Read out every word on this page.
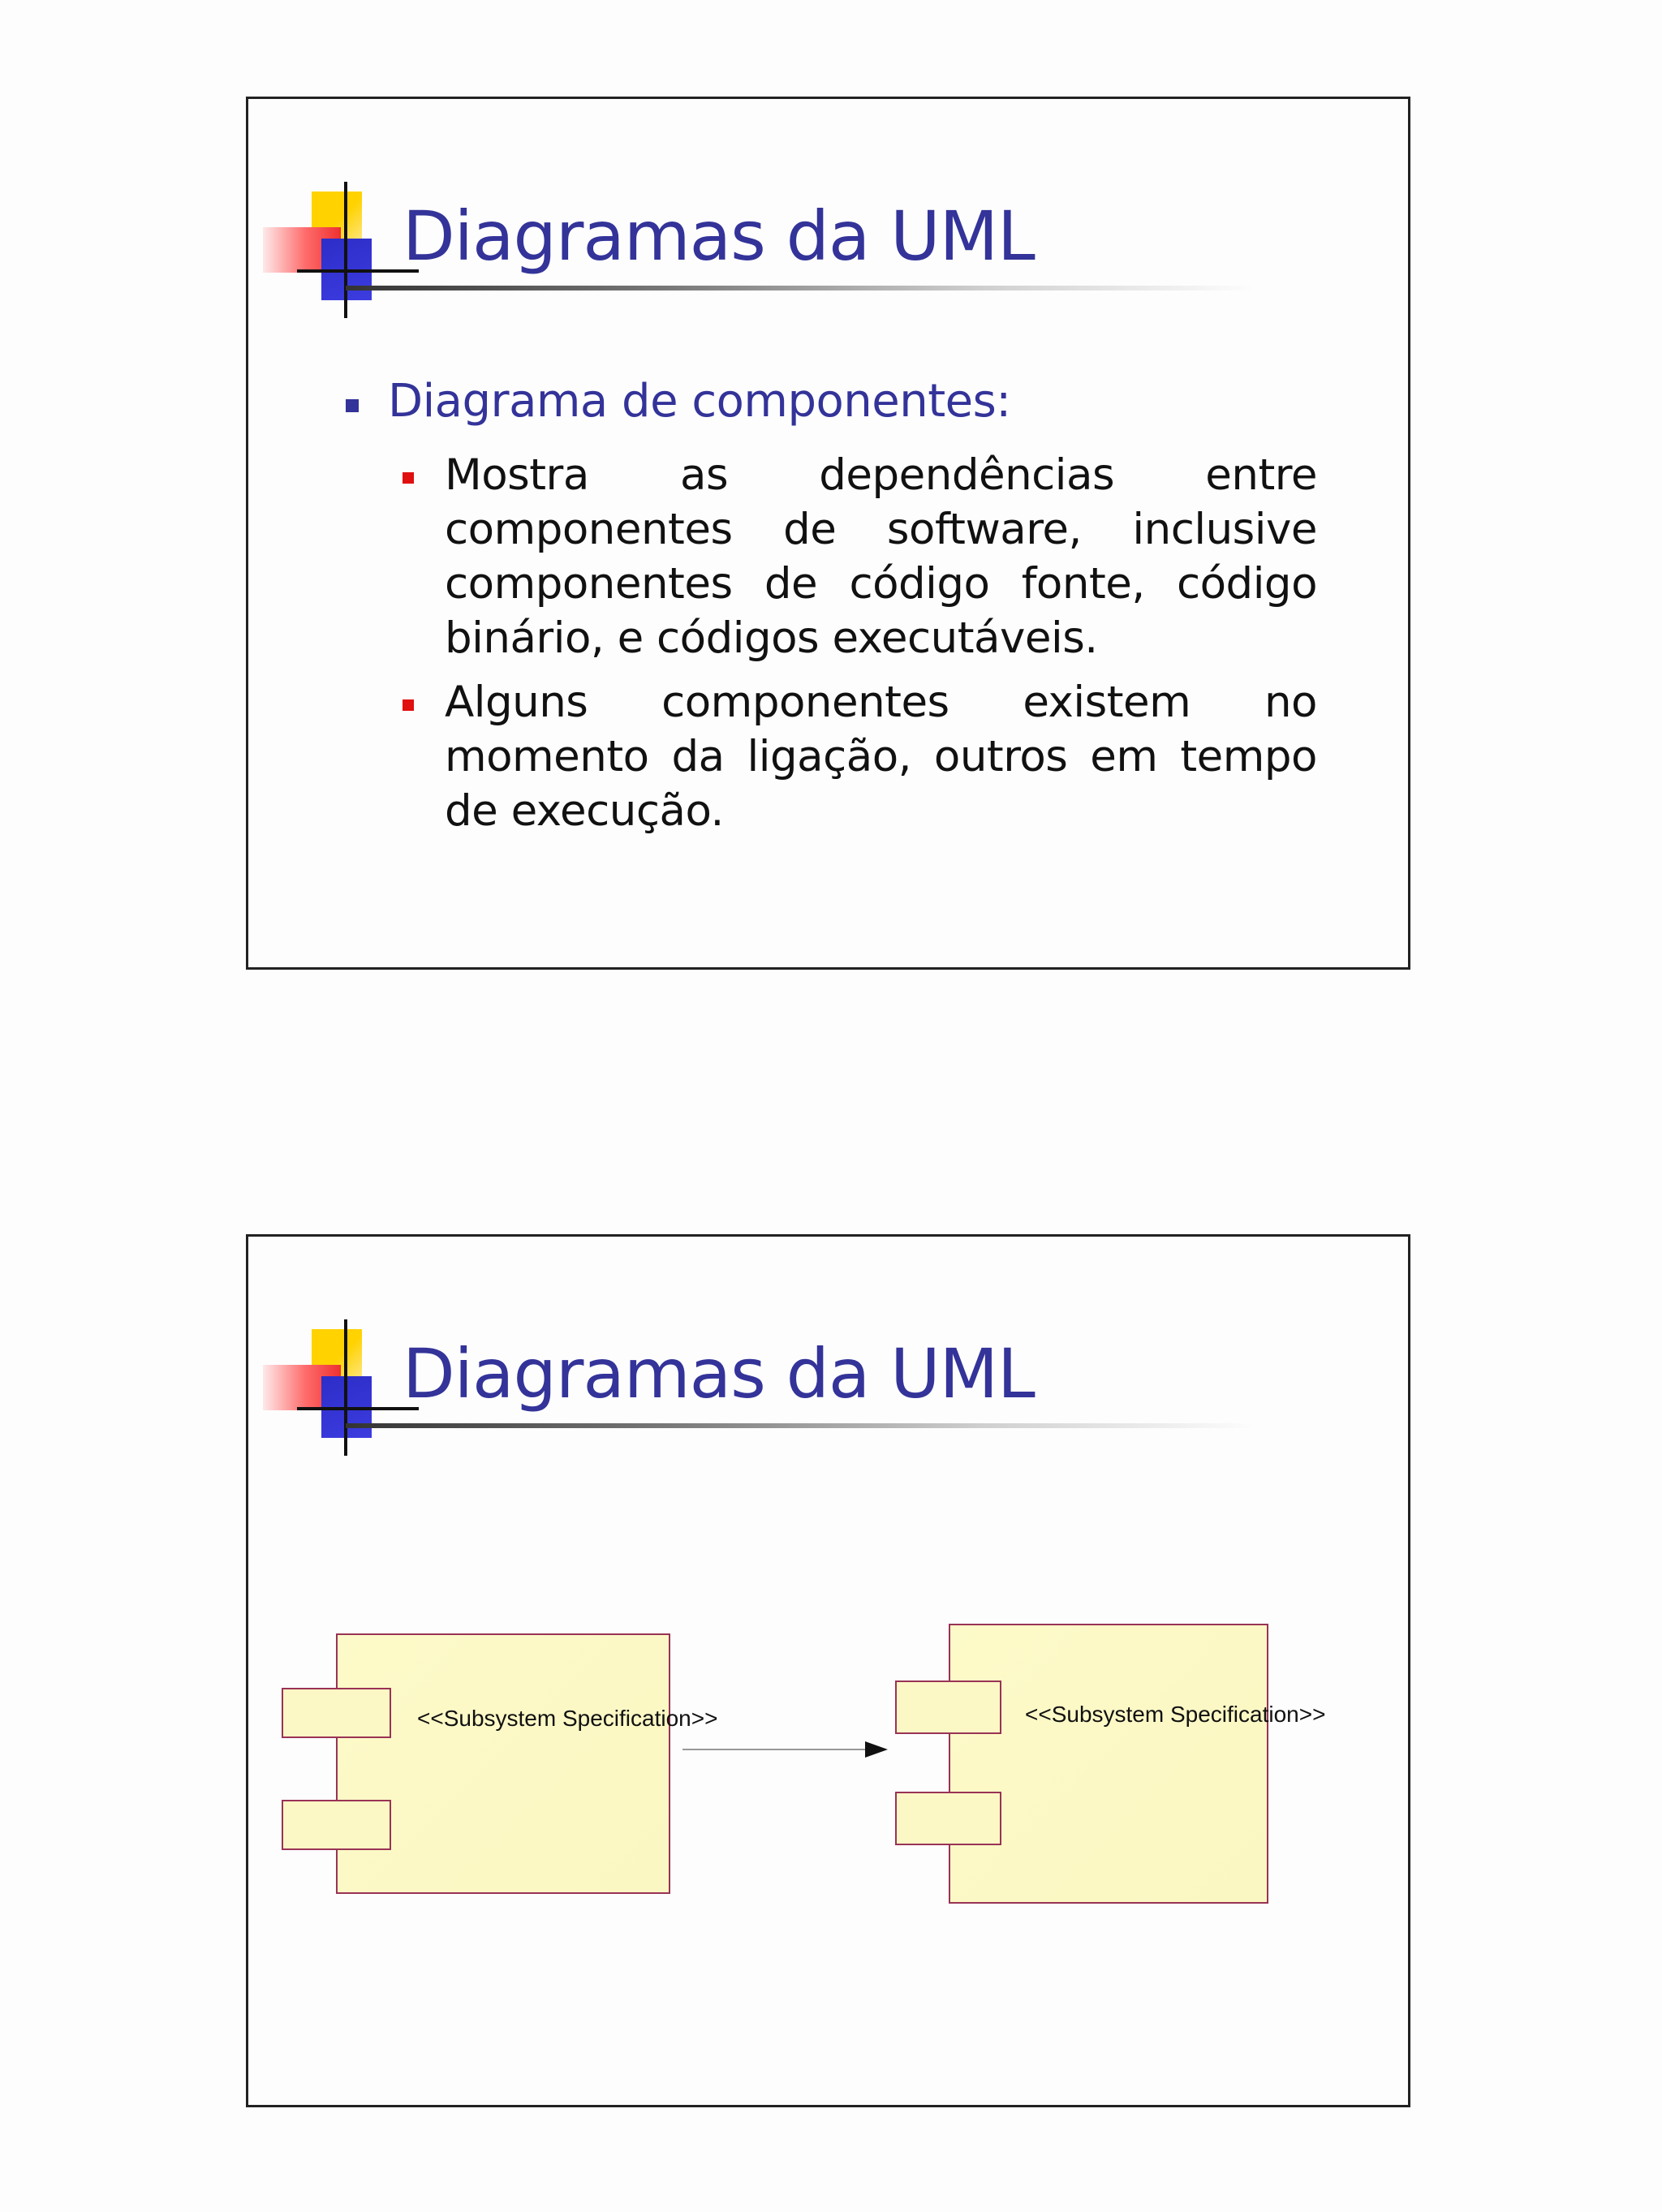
Diagramas da UML
Diagrama de componentes:
Mostra as dependências entre componentes de software, inclusive componentes de código fonte, código binário, e códigos executáveis.
Alguns componentes existem no momento da ligação, outros em tempo de execução.
Diagramas da UML
<<Subsystem Specification>>	<<Subsystem Specification>>
